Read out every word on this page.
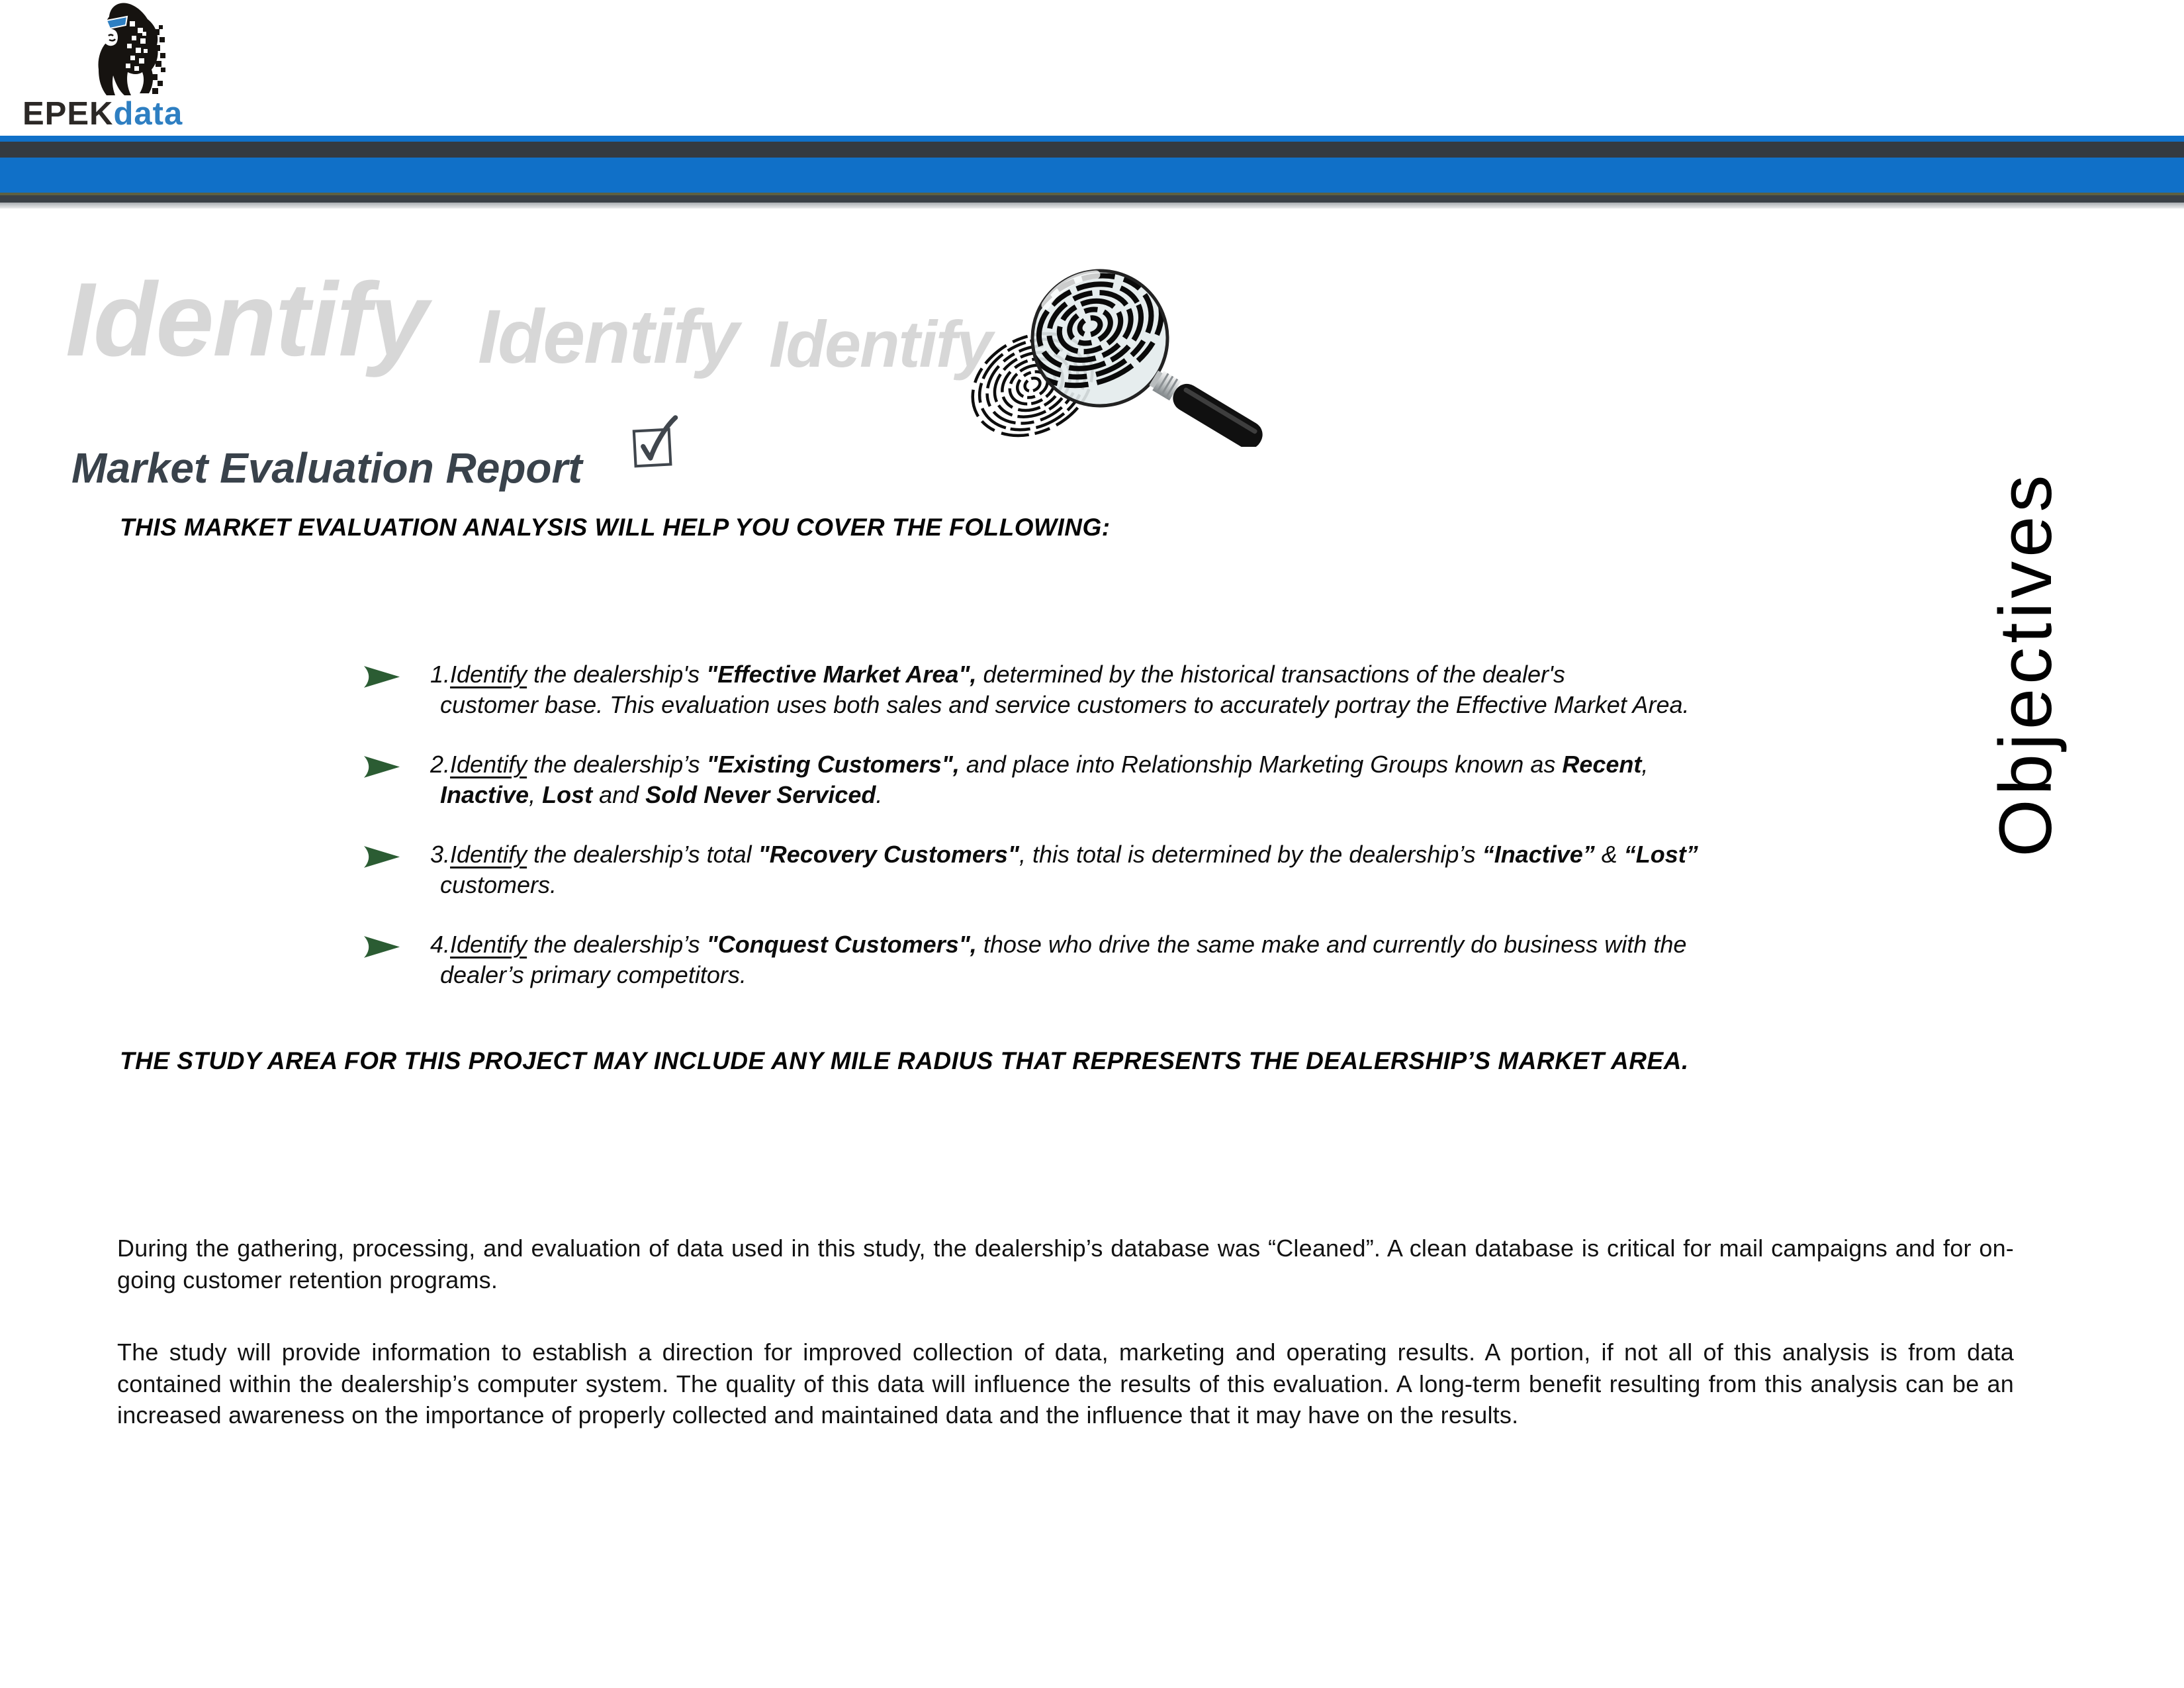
EPEKdata
Identify Identify Identify
Market Evaluation Report
Objectives
THIS MARKET EVALUATION ANALYSIS WILL HELP YOU COVER THE FOLLOWING:

1.Identify the dealership's "Effective Market Area", determined by the historical transactions of the dealer's
customer base. This evaluation uses both sales and service customers to accurately portray the Effective Market Area.

2.Identify the dealership’s "Existing Customers", and place into Relationship Marketing Groups known as Recent,
Inactive, Lost and Sold Never Serviced.

3.Identify the dealership’s total "Recovery Customers", this total is determined by the dealership’s “Inactive” & “Lost”
customers.

4.Identify the dealership’s "Conquest Customers", those who drive the same make and currently do business with the
dealer’s primary competitors.

THE STUDY AREA FOR THIS PROJECT MAY INCLUDE ANY MILE RADIUS THAT REPRESENTS THE DEALERSHIP’S MARKET AREA.

During the gathering, processing, and evaluation of data used in this study, the dealership’s database was “Cleaned”. A clean database is critical for mail campaigns and for on-going customer retention programs.

The study will provide information to establish a direction for improved collection of data, marketing and operating results. A portion, if not all of this analysis is from data contained within the dealership’s computer system. The quality of this data will influence the results of this evaluation. A long-term benefit resulting from this analysis can be an increased awareness on the importance of properly collected and maintained data and the influence that it may have on the results.
